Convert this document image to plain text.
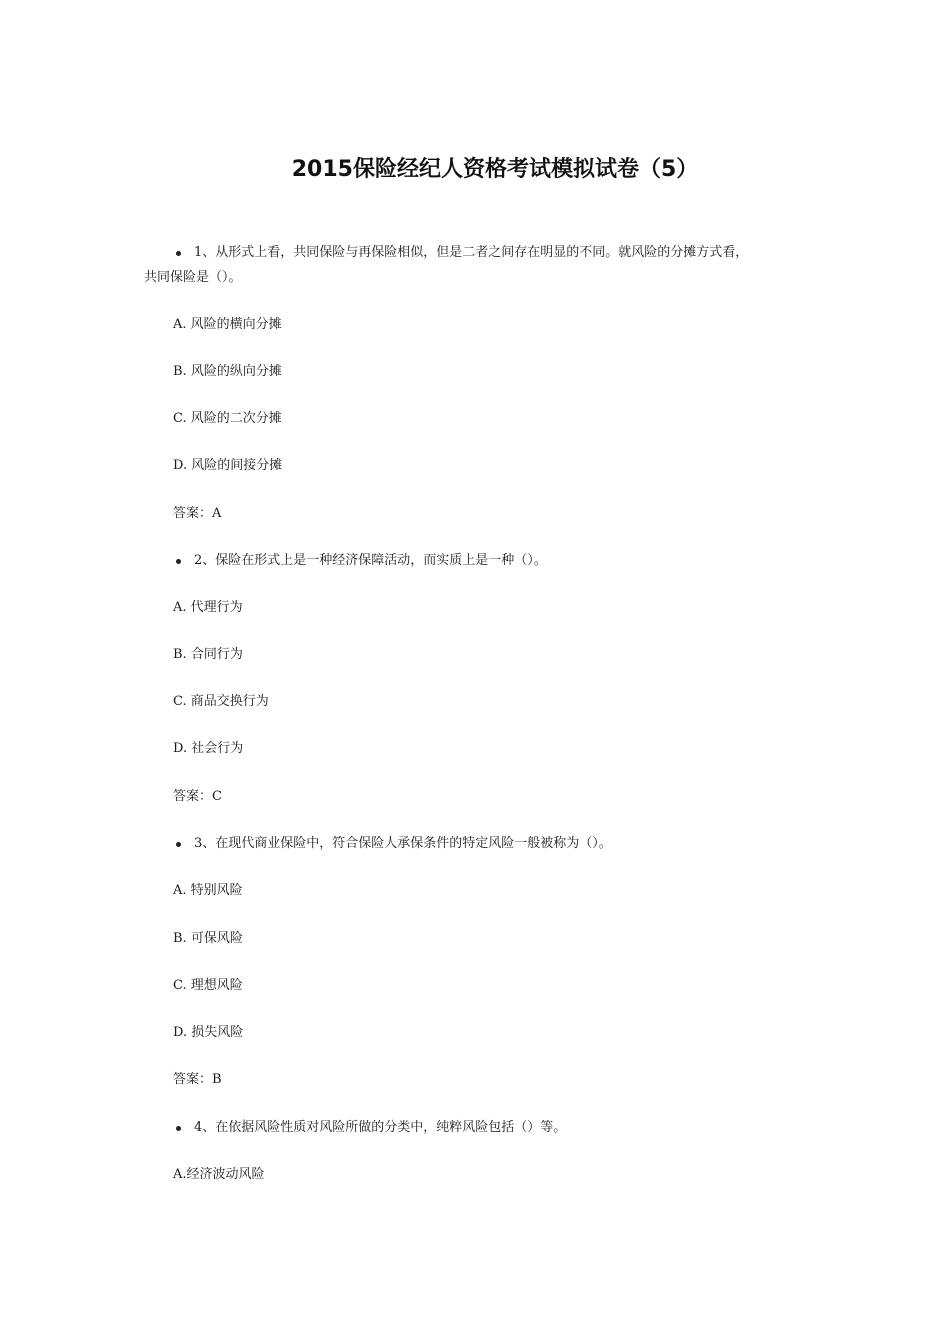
2015保险经纪人资格考试模拟试卷（5）
1、从形式上看，共同保险与再保险相似，但是二者之间存在明显的不同。就风险的分摊方式看，
共同保险是（）。
A. 风险的横向分摊
B. 风险的纵向分摊
C. 风险的二次分摊
D. 风险的间接分摊
答案：A
2、保险在形式上是一种经济保障活动，而实质上是一种（）。
A. 代理行为
B. 合同行为
C. 商品交换行为
D. 社会行为
答案：C
3、在现代商业保险中，符合保险人承保条件的特定风险一般被称为（）。
A. 特别风险
B. 可保风险
C. 理想风险
D. 损失风险
答案：B
4、在依据风险性质对风险所做的分类中，纯粹风险包括（）等。
A.经济波动风险
